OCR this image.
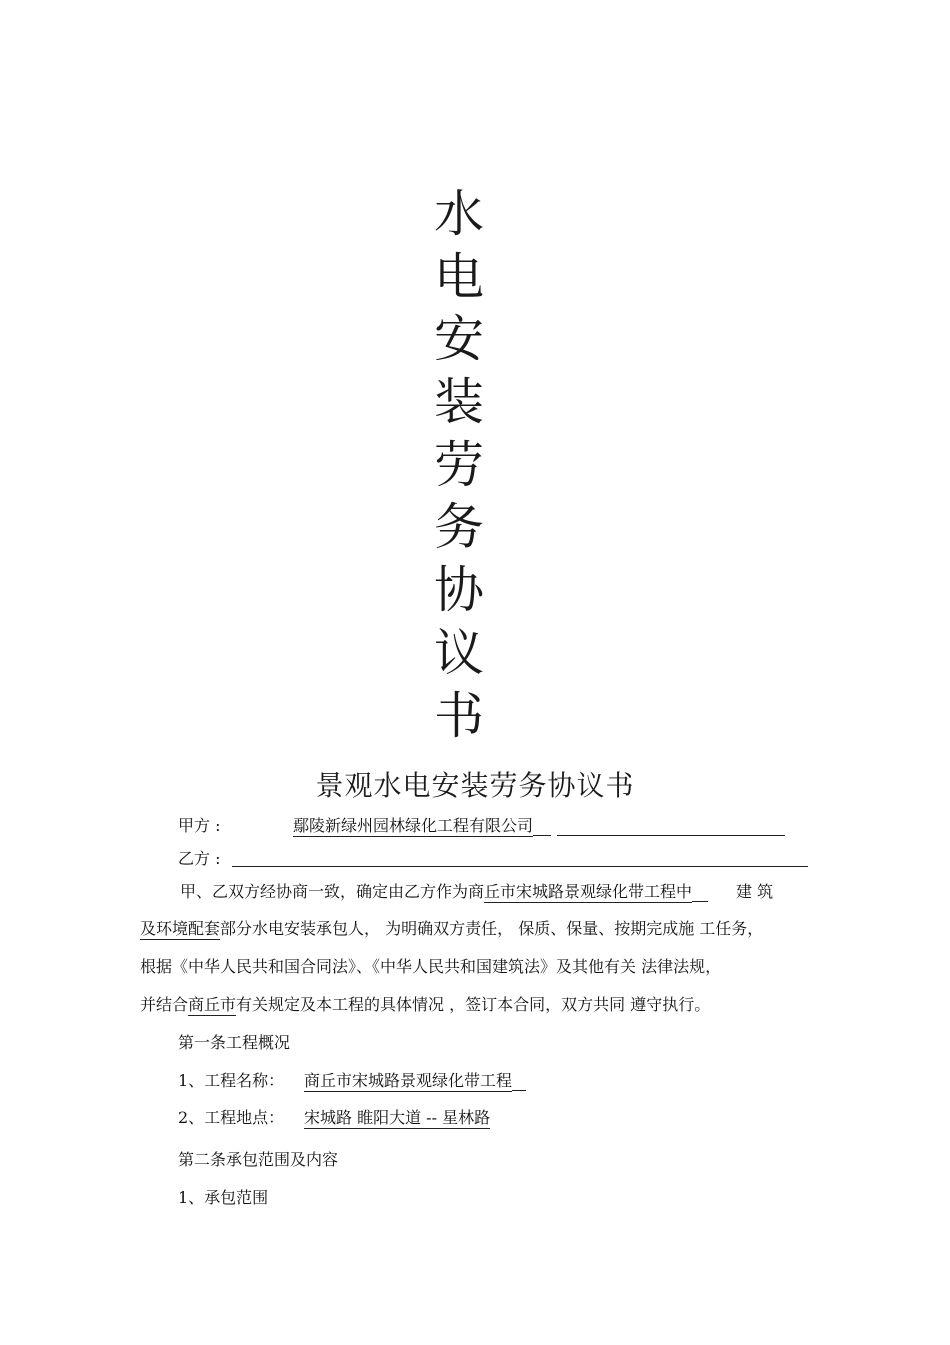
水
电
安
装
劳
务
协
议
书
景观水电安装劳务协议书
甲方 :	鄢陵新绿州园林绿化工程有限公司
乙方 :
甲、乙双方经协商一致，确定由乙方作为商丘市宋城路景观绿化带工程中	建 筑
及环境配套部分水电安装承包人， 为明确双方责任， 保质、保量、按期完成施 工任务，
根据《中华人民共和国合同法》、《中华人民共和国建筑法》及其他有关 法律法规，
并结合商丘市有关规定及本工程的具体情况 ，签订本合同，双方共同 遵守执行。
第一条工程概况
1、工程名称： 商丘市宋城路景观绿化带工程
2、工程地点： 宋城路 睢阳大道 -- 星林路
第二条承包范围及内容
1、承包范围
